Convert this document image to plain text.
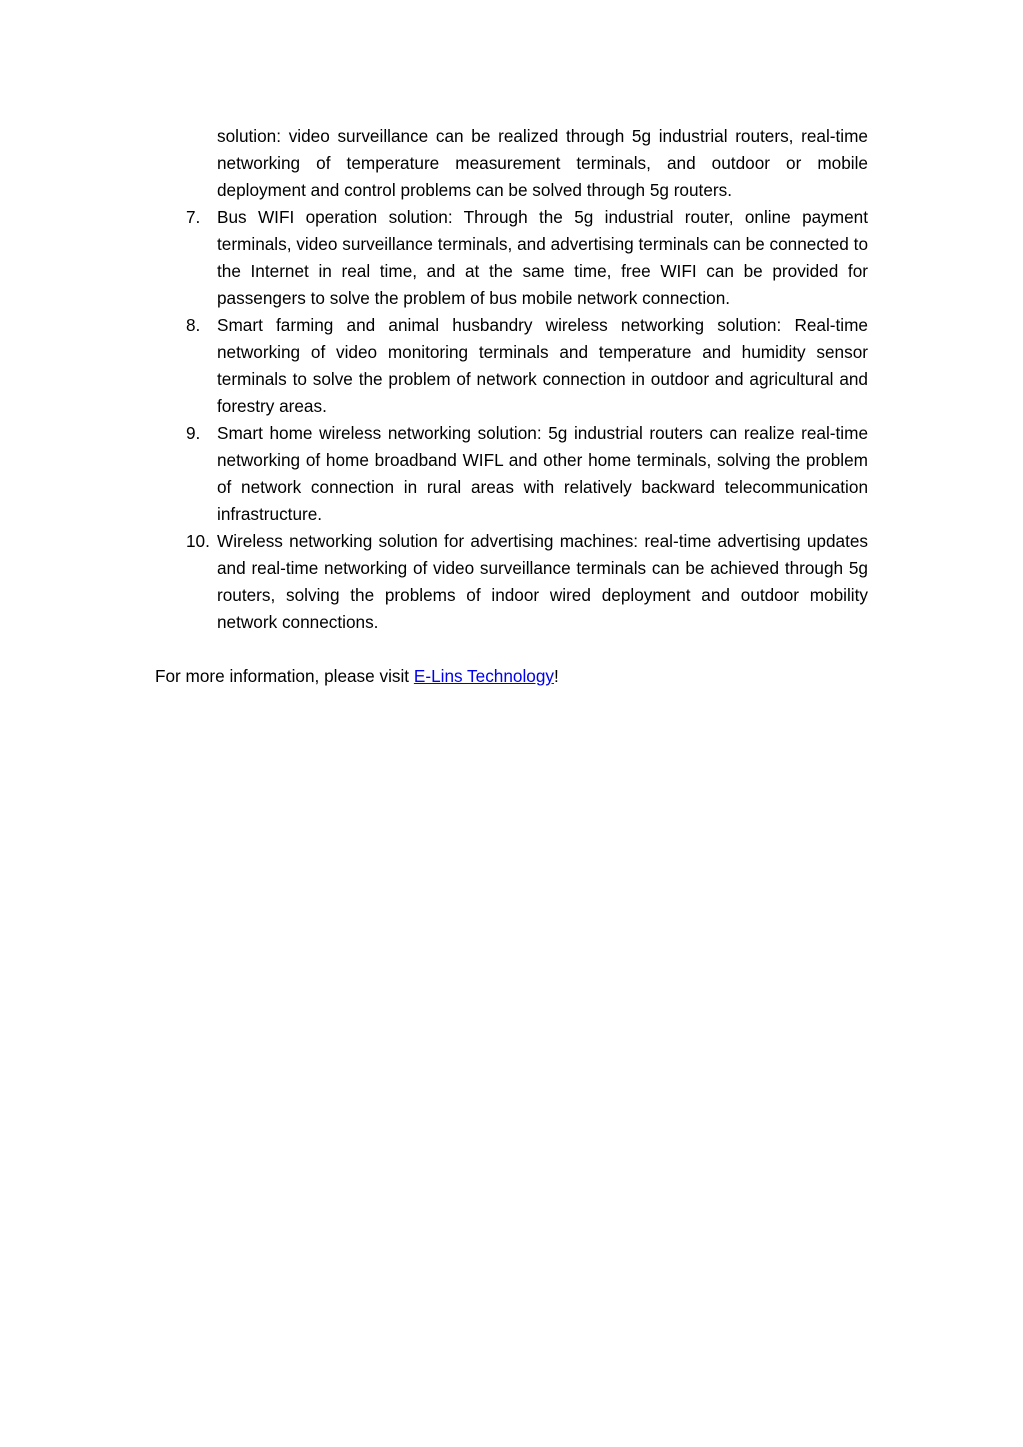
solution: video surveillance can be realized through 5g industrial routers, real-time networking of temperature measurement terminals, and outdoor or mobile deployment and control problems can be solved through 5g routers.
7. Bus WIFI operation solution: Through the 5g industrial router, online payment terminals, video surveillance terminals, and advertising terminals can be connected to the Internet in real time, and at the same time, free WIFI can be provided for passengers to solve the problem of bus mobile network connection.
8. Smart farming and animal husbandry wireless networking solution: Real-time networking of video monitoring terminals and temperature and humidity sensor terminals to solve the problem of network connection in outdoor and agricultural and forestry areas.
9. Smart home wireless networking solution: 5g industrial routers can realize real-time networking of home broadband WIFL and other home terminals, solving the problem of network connection in rural areas with relatively backward telecommunication infrastructure.
10. Wireless networking solution for advertising machines: real-time advertising updates and real-time networking of video surveillance terminals can be achieved through 5g routers, solving the problems of indoor wired deployment and outdoor mobility network connections.
For more information, please visit E-Lins Technology!
